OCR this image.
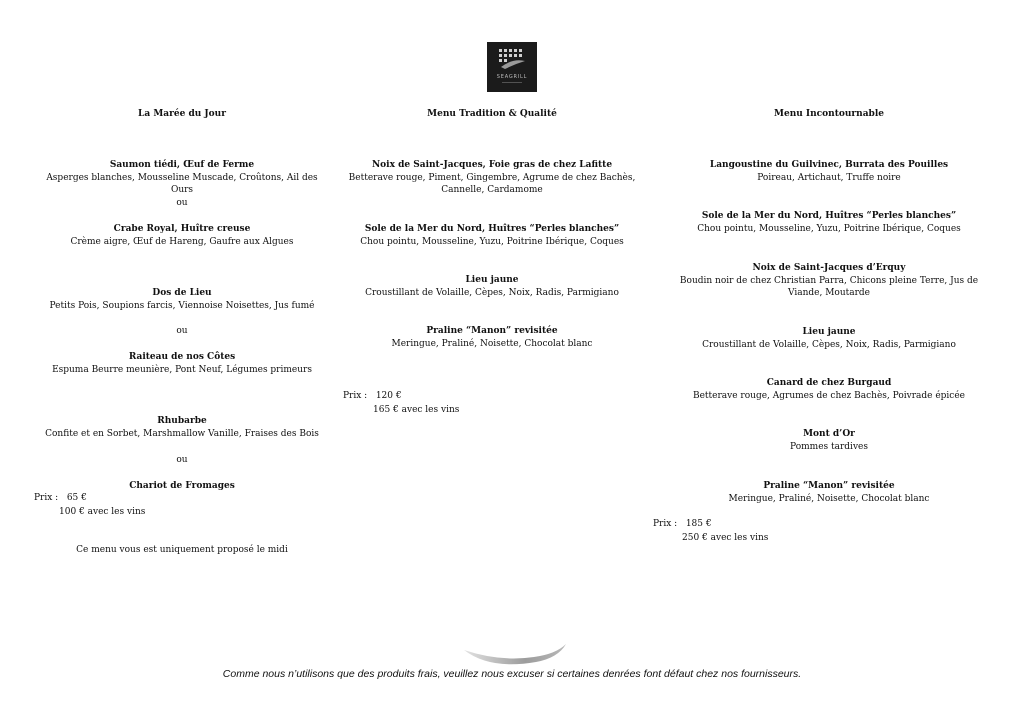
SEAGRILL
La Marée du Jour
Saumon tiédi, Œuf de Ferme
Asperges blanches, Mousseline Muscade, Croûtons, Ail des Ours
ou
Crabe Royal, Huître creuse
Crème aigre, Œuf de Hareng, Gaufre aux Algues
Dos de Lieu
Petits Pois, Soupions farcis, Viennoise Noisettes, Jus fumé
ou
Raiteau de nos Côtes
Espuma Beurre meunière, Pont Neuf, Légumes primeurs
Rhubarbe
Confite et en Sorbet, Marshmallow Vanille, Fraises des Bois
ou
Chariot de Fromages
Prix : 65 €
100 € avec les vins
Ce menu vous est uniquement proposé le midi
Menu Tradition & Qualité
Noix de Saint-Jacques, Foie gras de chez Lafitte
Betterave rouge, Piment, Gingembre, Agrume de chez Bachès, Cannelle, Cardamome
Sole de la Mer du Nord, Huîtres “Perles blanches”
Chou pointu, Mousseline, Yuzu, Poitrine Ibérique, Coques
Lieu jaune
Croustillant de Volaille, Cèpes, Noix, Radis, Parmigiano
Praline “Manon” revisitée
Meringue, Praliné, Noisette, Chocolat blanc
Prix : 120 €
165 € avec les vins
Menu Incontournable
Langoustine du Guilvinec, Burrata des Pouilles
Poireau, Artichaut, Truffe noire
Sole de la Mer du Nord, Huîtres “Perles blanches”
Chou pointu, Mousseline, Yuzu, Poitrine Ibérique, Coques
Noix de Saint-Jacques d’Erquy
Boudin noir de chez Christian Parra, Chicons pleine Terre, Jus de Viande, Moutarde
Lieu jaune
Croustillant de Volaille, Cèpes, Noix, Radis, Parmigiano
Canard de chez Burgaud
Betterave rouge, Agrumes de chez Bachès, Poivrade épicée
Mont d’Or
Pommes tardives
Praline “Manon” revisitée
Meringue, Praliné, Noisette, Chocolat blanc
Prix : 185 €
250 € avec les vins
Comme nous n’utilisons que des produits frais, veuillez nous excuser si certaines denrées font défaut chez nos fournisseurs.
